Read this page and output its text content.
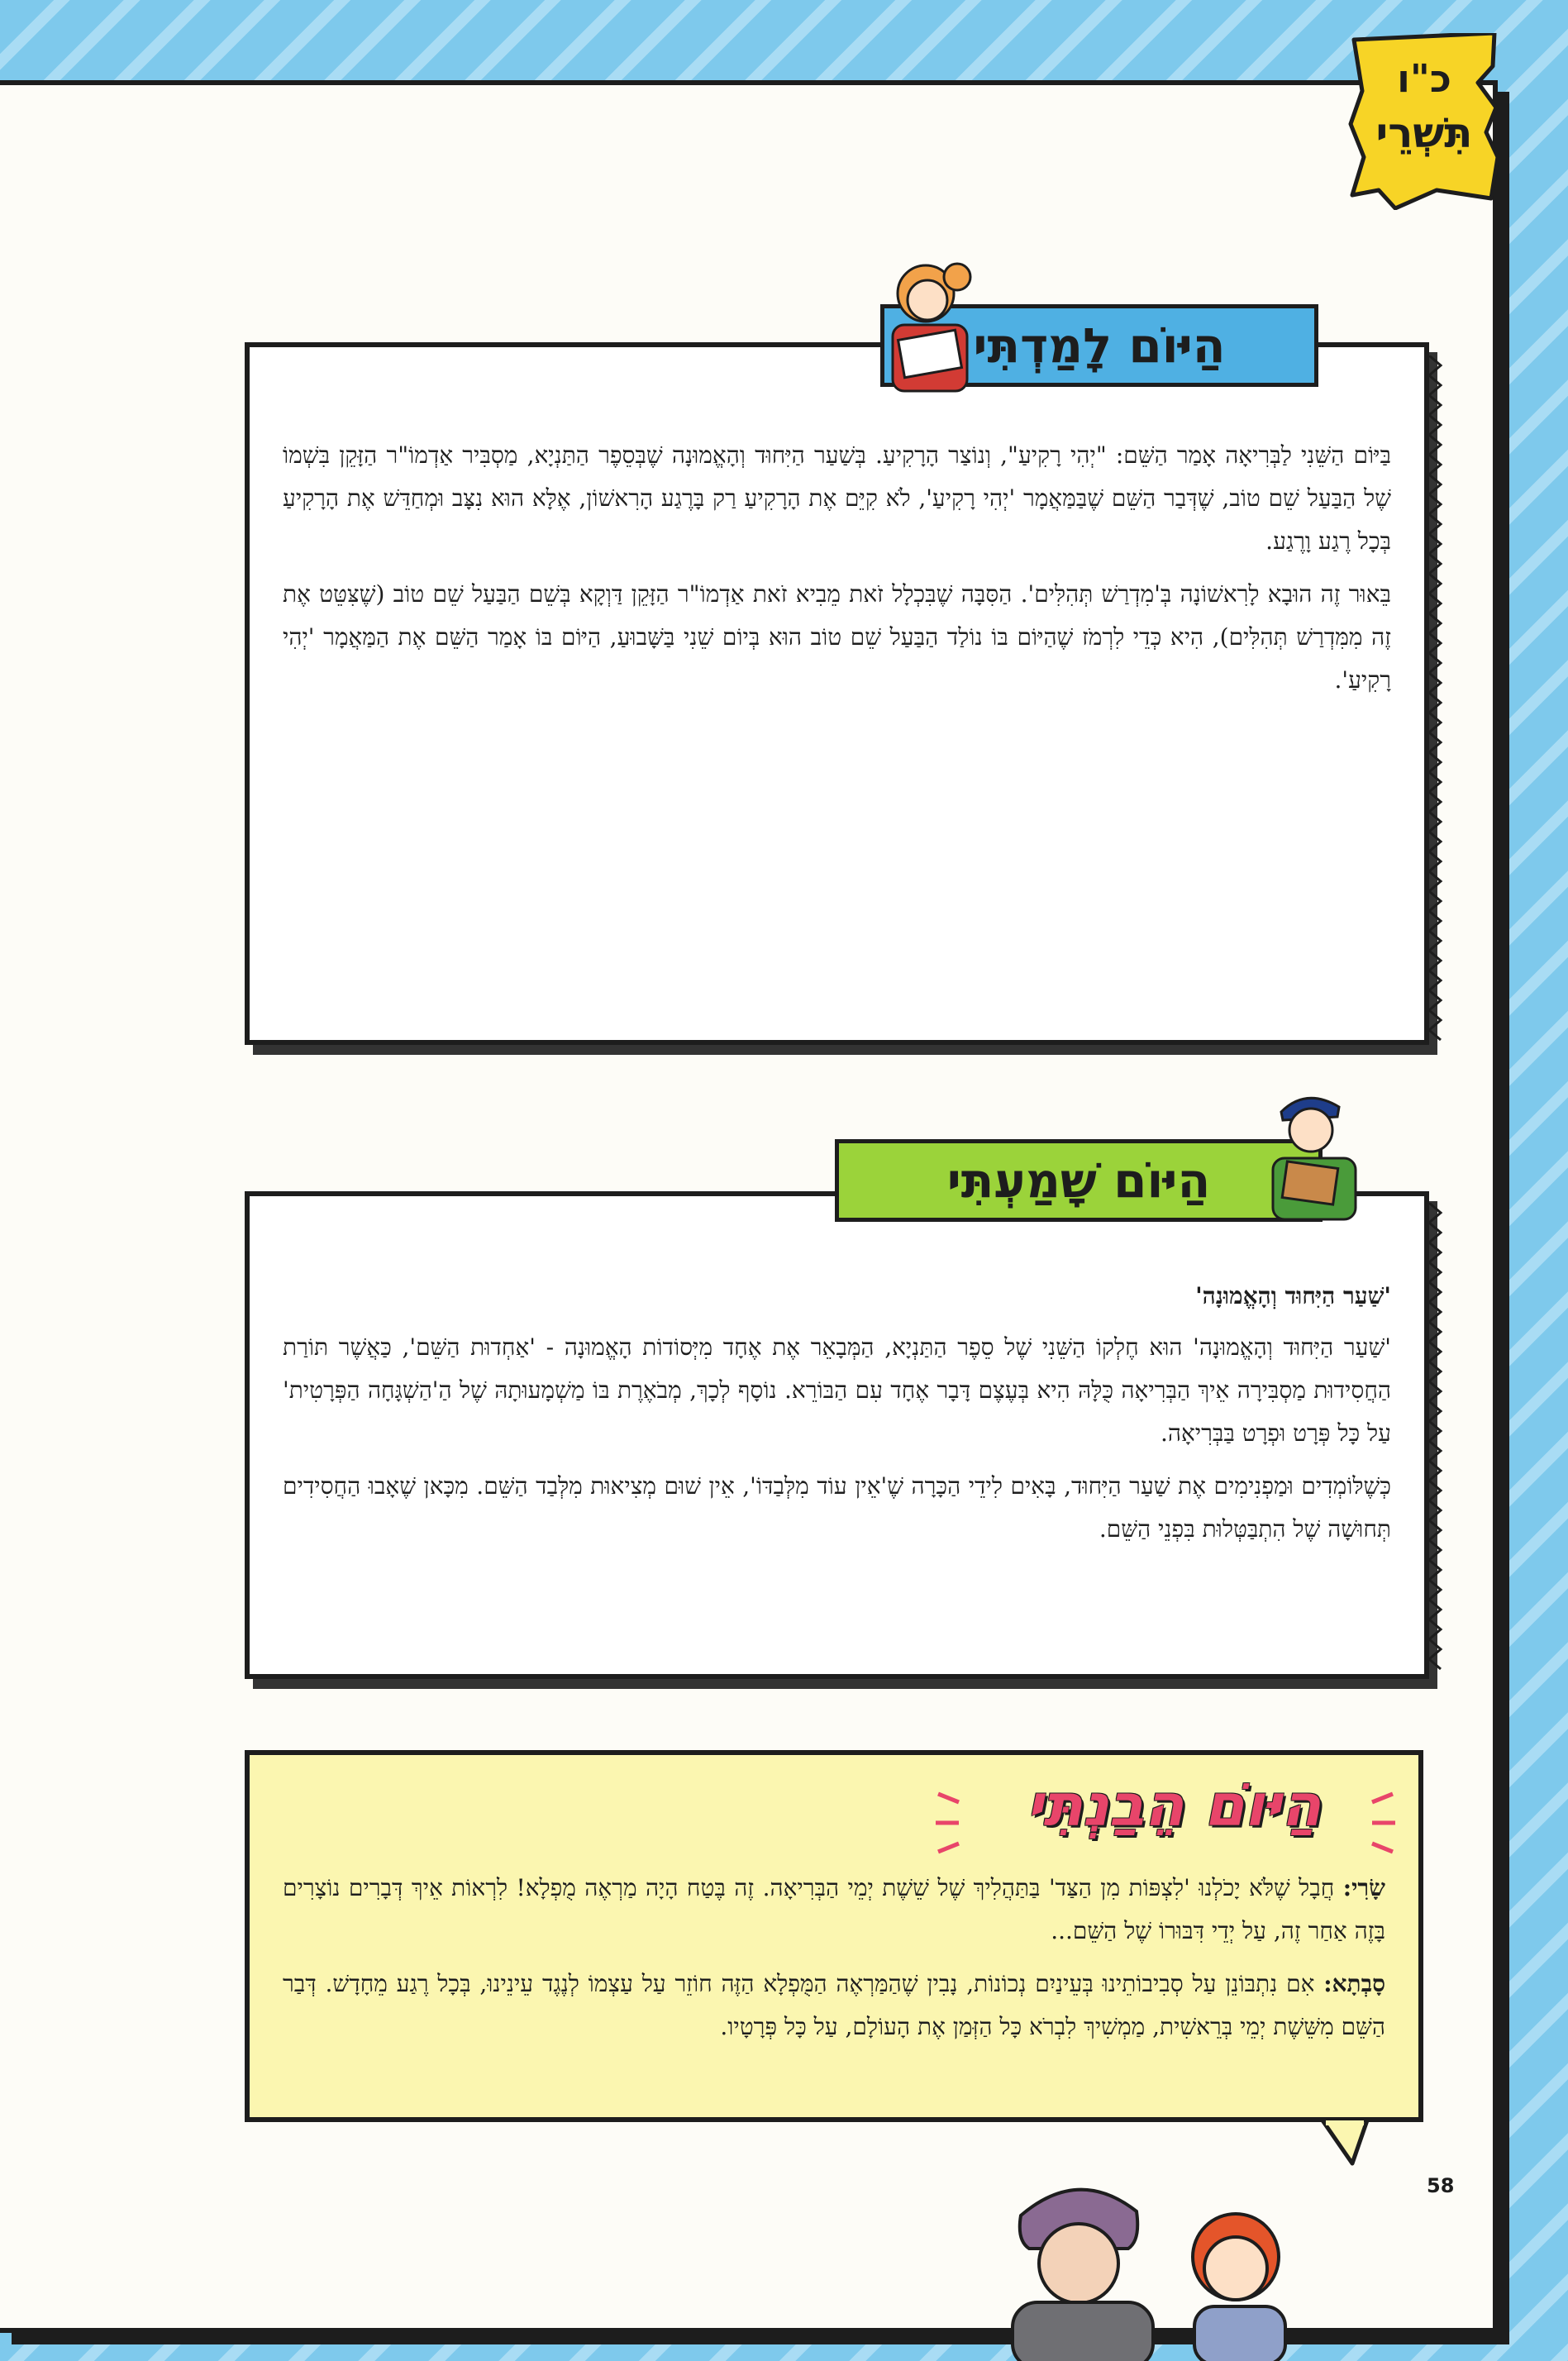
כ"ו
תִּשְׁרֵי

בַּיּוֹם הַשֵּׁנִי לַבְּרִיאָה אָמַר הַשֵּׁם: "יְהִי רָקִיעַ", וְנוֹצַר הָרָקִיעַ. בְּשַׁעַר הַיִּחוּד וְהָאֱמוּנָה שֶׁבְּסֵפֶר הַתַּנְיָא, מַסְבִּיר אַדְמוֹ"ר הַזָּקֵן בִּשְׁמוֹ שֶׁל הַבַּעַל שֵׁם טוֹב, שֶׁדְּבַר הַשֵּׁם שֶׁבַּמַּאֲמָר 'יְהִי רָקִיעַ', לֹא קִיֵּם אֶת הָרָקִיעַ רַק בָּרֶגַע הָרִאשׁוֹן, אֶלָּא הוּא נִצָּב וּמְחַדֵּשׁ אֶת הָרָקִיעַ בְּכָל רֶגַע וָרֶגַע.

בֵּאוּר זֶה הוּבָא לָרִאשׁוֹנָה בְּ'מִדְרַשׁ תְּהִלִּים'. הַסִּבָּה שֶׁבִּכְלָל זֹאת מֵבִיא זֹאת אַדְמוֹ"ר הַזָּקֵן דַּוְקָא בְּשֵׁם הַבַּעַל שֵׁם טוֹב (שֶׁצִּטֵּט אֶת זֶה מִמִּדְרַשׁ תְּהִלִּים), הִיא כְּדֵי לִרְמֹז שֶׁהַיּוֹם בּוֹ נוֹלַד הַבַּעַל שֵׁם טוֹב הוּא בְּיוֹם שֵׁנִי בַּשָּׁבוּעַ, הַיּוֹם בּוֹ אָמַר הַשֵּׁם אֶת הַמַּאֲמָר 'יְהִי רָקִיעַ'.

הַיּוֹם לָמַדְתִּי

'שַׁעַר הַיִּחוּד וְהָאֱמוּנָה'

'שַׁעַר הַיִּחוּד וְהָאֱמוּנָה' הוּא חֶלְקוֹ הַשֵּׁנִי שֶׁל סֵפֶר הַתַּנְיָא, הַמְּבָאֵר אֶת אֶחָד מִיְּסוֹדוֹת הָאֱמוּנָה - 'אַחְדוּת הַשֵּׁם', כַּאֲשֶׁר תּוֹרַת הַחֲסִידוּת מַסְבִּירָה אֵיךְ הַבְּרִיאָה כֻּלָּהּ הִיא בְּעֶצֶם דָּבָר אֶחָד עִם הַבּוֹרֵא. נוֹסָף לְכָךְ, מְבֹאֶרֶת בּוֹ מַשְׁמָעוּתָהּ שֶׁל הַ'הַשְׁגָּחָה הַפְּרָטִית' עַל כָּל פְּרָט וּפְרָט בַּבְּרִיאָה.

כְּשֶׁלּוֹמְדִים וּמַפְנִימִים אֶת שַׁעַר הַיִּחוּד, בָּאִים לִידֵי הַכָּרָה שֶׁ'אֵין עוֹד מִלְּבַדּוֹ', אֵין שׁוּם מְצִיאוּת מִלְּבַד הַשֵּׁם. מִכָּאן שֶׁאָבוּ הַחֲסִידִים תְּחוּשָׁה שֶׁל הִתְבַּטְּלוּת בִּפְנֵי הַשֵּׁם.

הַיּוֹם שָׁמַעְתִּי

שָׂרִי: חֲבָל שֶׁלֹּא יָכֹלְנוּ 'לִצְפּוֹת מִן הַצַּד' בַּתַּהֲלִיךְ שֶׁל שֵׁשֶׁת יְמֵי הַבְּרִיאָה. זֶה בֶּטַח הָיָה מַרְאֶה מֻפְלָא! לִרְאוֹת אֵיךְ דְּבָרִים נוֹצָרִים בָּזֶה אַחַר זֶה, עַל יְדֵי דִּבּוּרוֹ שֶׁל הַשֵּׁם...

סָבְתָא: אִם נִתְבּוֹנֵן עַל סְבִיבוֹתֵינוּ בְּעֵינַיִם נְכוֹנוֹת, נָבִין שֶׁהַמַּרְאֶה הַמֻּפְלָא הַזֶּה חוֹזֵר עַל עַצְמוֹ לְנֶגֶד עֵינֵינוּ, בְּכָל רֶגַע מֵחָדָשׁ. דְּבַר הַשֵּׁם מִשֵּׁשֶׁת יְמֵי בְּרֵאשִׁית, מַמְשִׁיךְ לִבְרֹא כָּל הַזְּמַן אֶת הָעוֹלָם, עַל כָּל פְּרָטָיו.

הַיּוֹם הֵבַנְתִּי
58
